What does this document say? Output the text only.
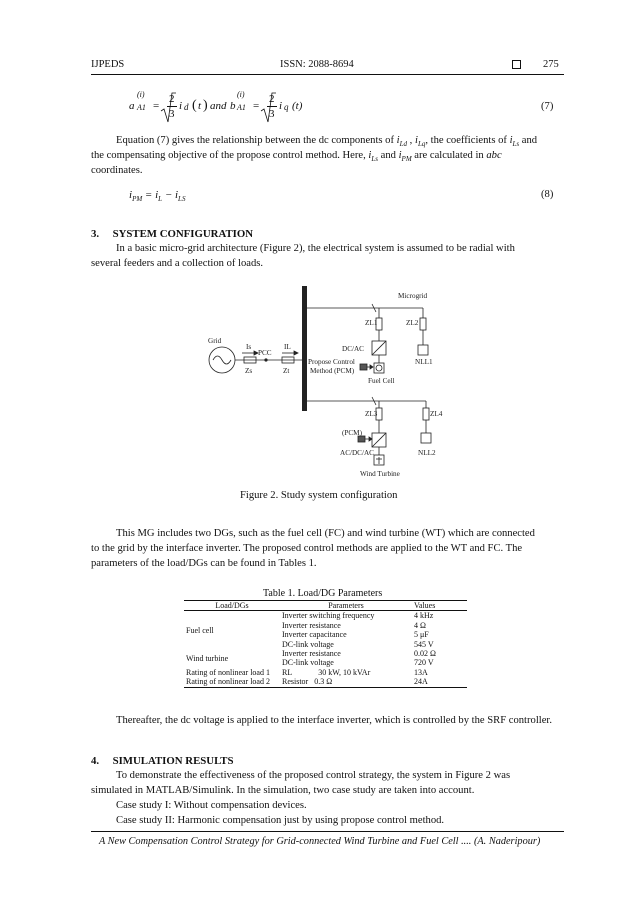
IJPEDS	ISSN: 2088-8694	275
a
(i)
A1 =
2
3
i d ( t ) and b
(i)
A1 =
2
3
i q (t)	(7)
Equation (7) gives the relationship between the dc components of $i_{Ld}$ , $i_{Lq}$, the coefficients of $i_{Ls}$ and
the compensating objective of the propose control method. Here, $i_{Ls}$ and $i_{PM}$ are calculated in abc
coordinates.
$i_{PM} = i_L - i_{LS}$	(8)
3.     SYSTEM CONFIGURATION
In a basic micro-grid architecture (Figure 2), the electrical system is assumed to be radial with
several feeders and a collection of loads.
Microgrid
Grid
Is	IL
PCC
Zs	Zt
ZL1	ZL2
DC/AC
NLL1
Propose Control
Method (PCM)
Fuel Cell
ZL3	ZL4
(PCM)
AC/DC/AC	NLL2
Wind Turbine
Figure 2. Study system configuration
This MG includes two DGs, such as the fuel cell (FC) and wind turbine (WT) which are connected
to the grid by the interface inverter. The proposed control methods are applied to the WT and FC. The
parameters of the load/DGs can be found in Tables 1.
Table 1. Load/DG Parameters
Load/DGs	Parameters	Values

Fuel cell	Inverter switching frequency	4 kHz
	Inverter resistance	4 Ω
	Inverter capacitance	5 μF
	DC-link voltage	545 V
Wind turbine	Inverter resistance	0.02 Ω
	DC-link voltage	720 V
Rating of nonlinear load 1	RL 30 kW, 10 kVAr	13A
Rating of nonlinear load 2	Resistor 0.3 Ω	24A
Thereafter, the dc voltage is applied to the interface inverter, which is controlled by the SRF controller.
4.     SIMULATION RESULTS
To demonstrate the effectiveness of the proposed control strategy, the system in Figure 2 was
simulated in MATLAB/Simulink. In the simulation, two case study are taken into account.
Case study I: Without compensation devices.
Case study II: Harmonic compensation just by using propose control method.
A New Compensation Control Strategy for Grid-connected Wind Turbine and Fuel Cell .... (A. Naderipour)
